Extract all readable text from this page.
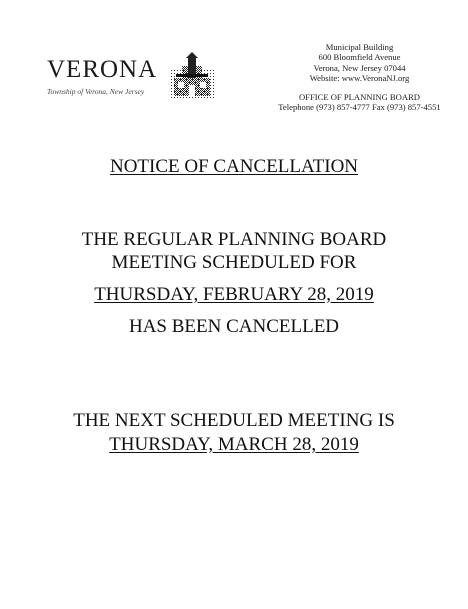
VERONA
Township of Verona, New Jersey
Municipal Building
600 Bloomfield Avenue
Verona, New Jersey 07044
Website: www.VeronaNJ.org
OFFICE OF PLANNING BOARD
Telephone (973) 857-4777 Fax (973) 857-4551
NOTICE OF CANCELLATION
THE REGULAR PLANNING BOARD
MEETING SCHEDULED FOR
THURSDAY, FEBRUARY 28, 2019
HAS BEEN CANCELLED
THE NEXT SCHEDULED MEETING IS
THURSDAY, MARCH 28, 2019
